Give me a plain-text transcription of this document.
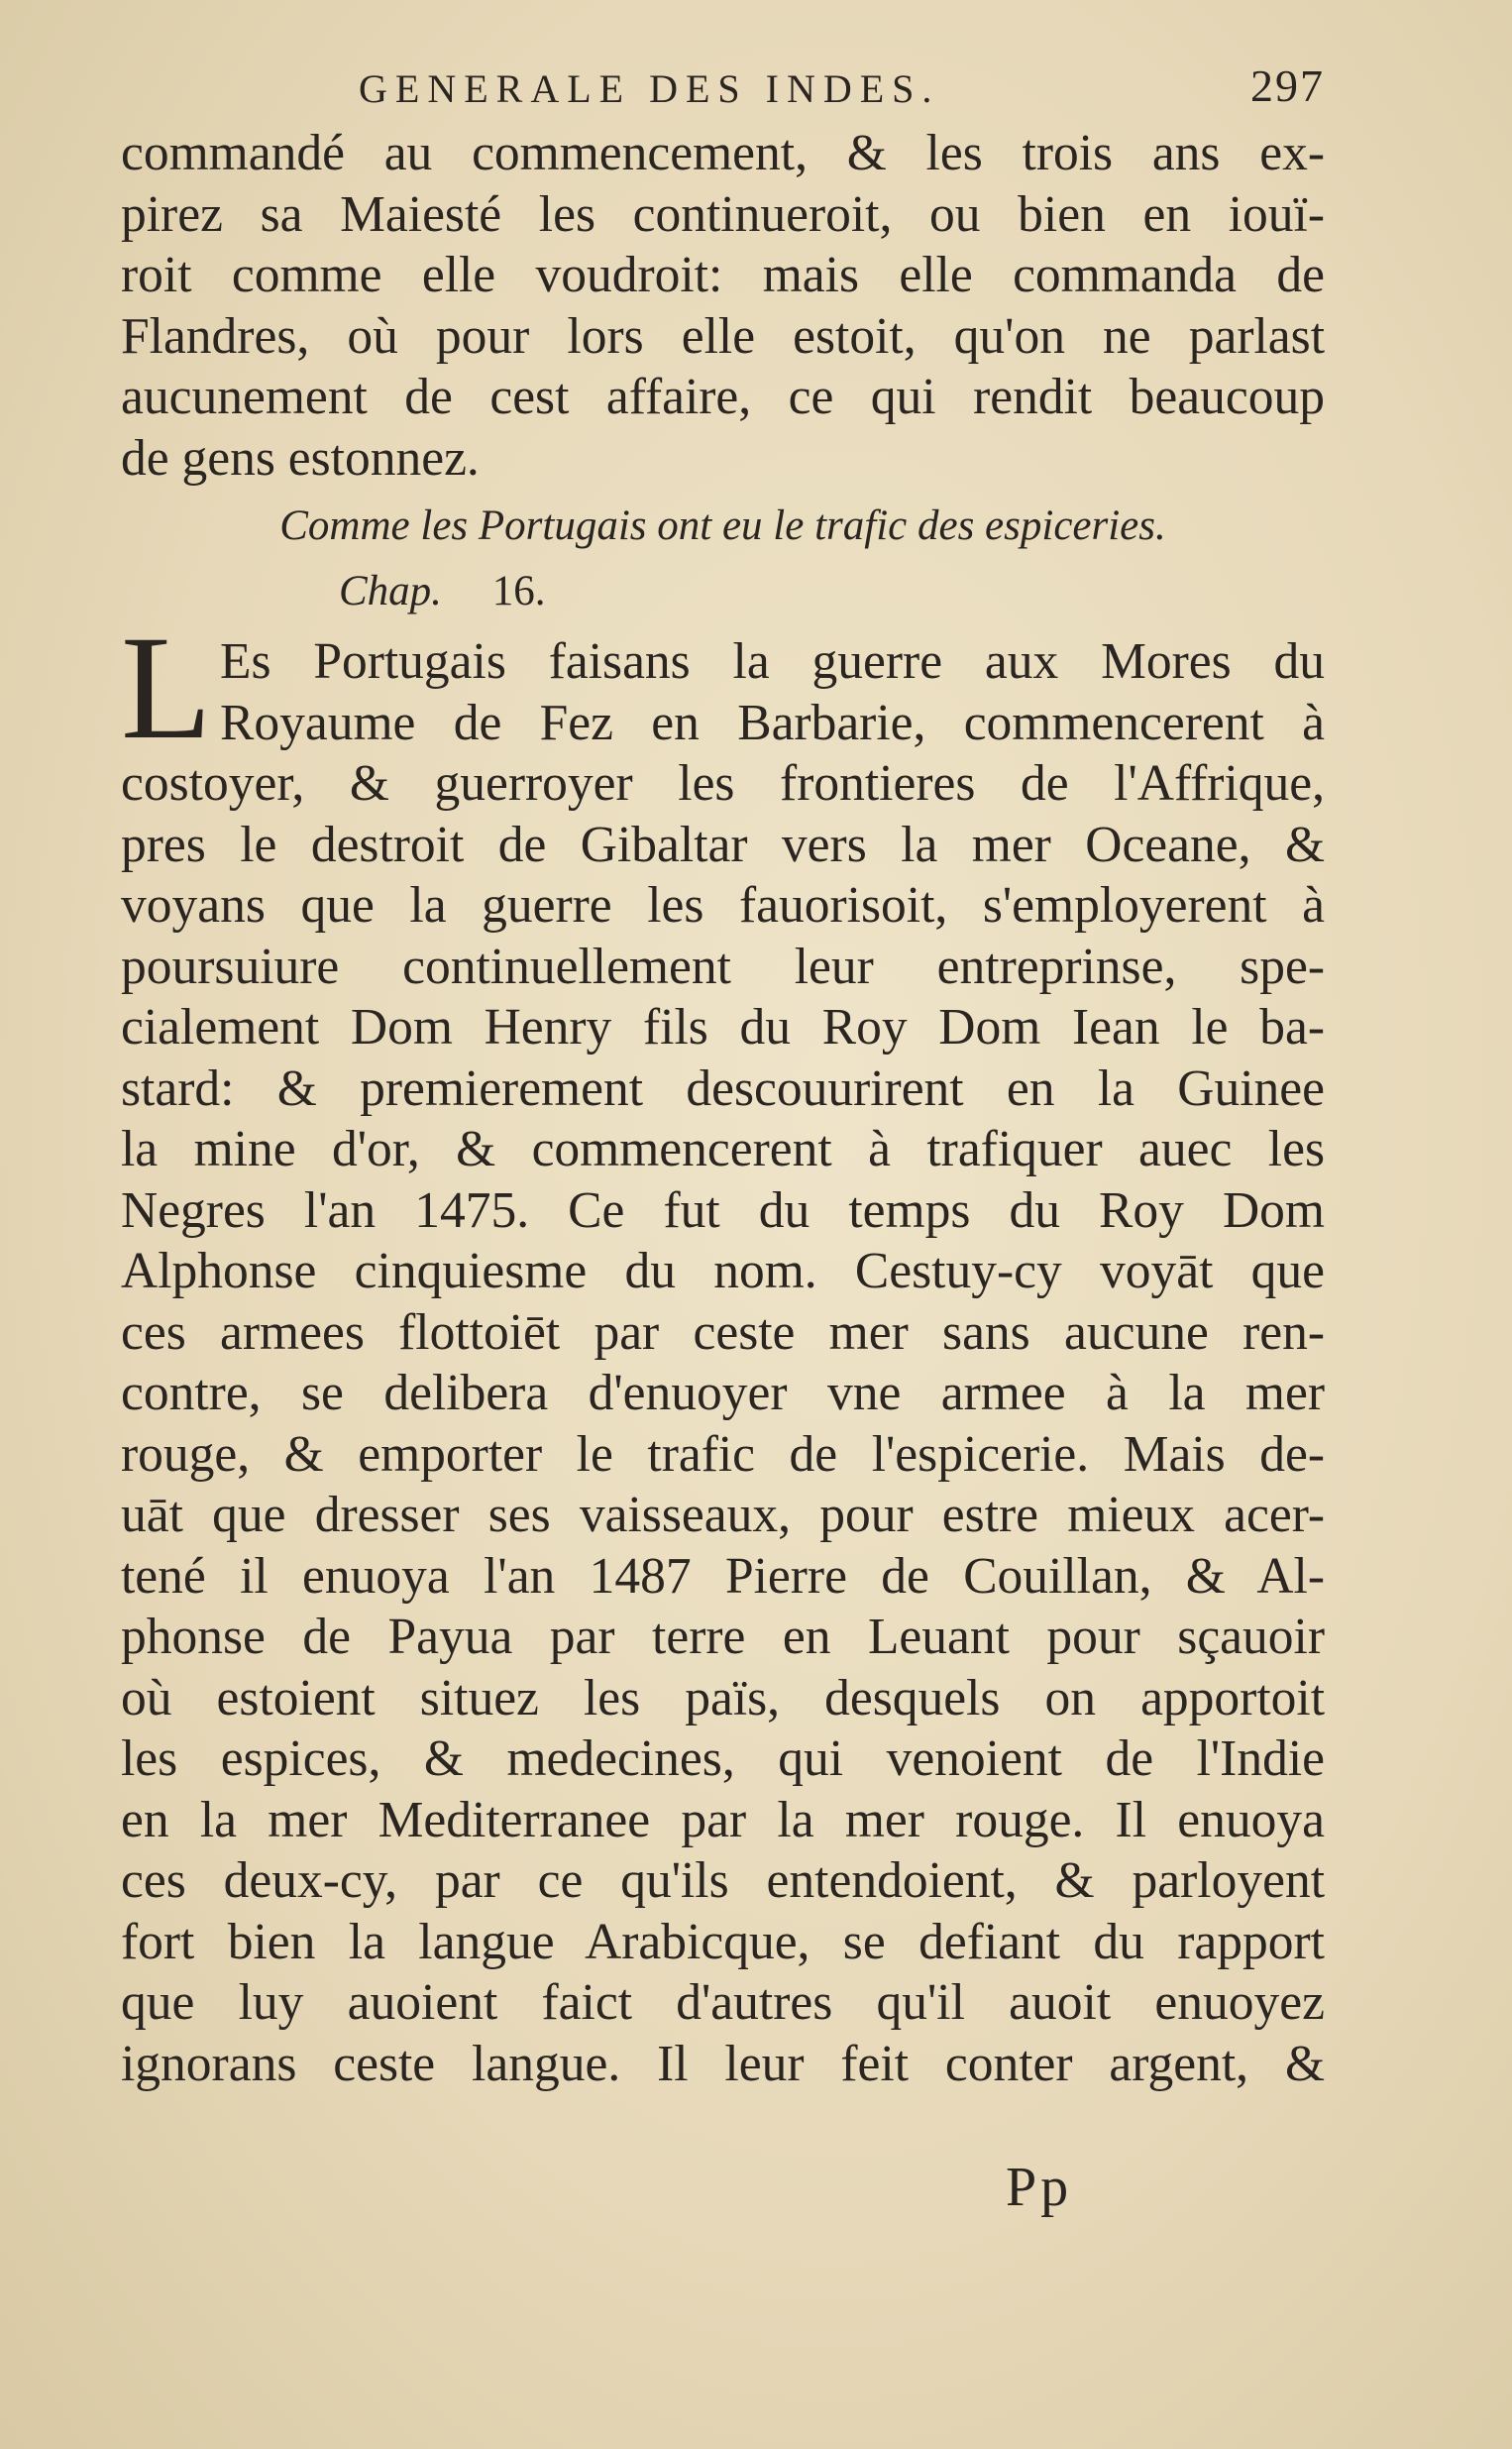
GENERALE DES INDES.	297
commandé au commencement, & les trois ans ex-
pirez sa Maiesté les continueroit, ou bien en iouï-
roit comme elle voudroit: mais elle commanda de
Flandres, où pour lors elle estoit, qu'on ne parlast
aucunement de cest affaire, ce qui rendit beaucoup
de gens estonnez.
Comme les Portugais ont eu le trafic des espiceries.
Chap. 16.
L Es Portugais faisans la guerre aux Mores du
Royaume de Fez en Barbarie, commencerent à
costoyer, & guerroyer les frontieres de l'Affrique,
pres le destroit de Gibaltar vers la mer Oceane, &
voyans que la guerre les fauorisoit, s'employerent à
poursuiure continuellement leur entreprinse, spe-
cialement Dom Henry fils du Roy Dom Iean le ba-
stard: & premierement descouurirent en la Guinee
la mine d'or, & commencerent à trafiquer auec les
Negres l'an 1475. Ce fut du temps du Roy Dom
Alphonse cinquiesme du nom. Cestuy-cy voyāt que
ces armees flottoiēt par ceste mer sans aucune ren-
contre, se delibera d'enuoyer vne armee à la mer
rouge, & emporter le trafic de l'espicerie. Mais de-
uāt que dresser ses vaisseaux, pour estre mieux acer-
tené il enuoya l'an 1487 Pierre de Couillan, & Al-
phonse de Payua par terre en Leuant pour sçauoir
où estoient situez les païs, desquels on apportoit
les espices, & medecines, qui venoient de l'Indie
en la mer Mediterranee par la mer rouge. Il enuoya
ces deux-cy, par ce qu'ils entendoient, & parloyent
fort bien la langue Arabicque, se defiant du rapport
que luy auoient faict d'autres qu'il auoit enuoyez
ignorans ceste langue. Il leur feit conter argent, &
Pp
